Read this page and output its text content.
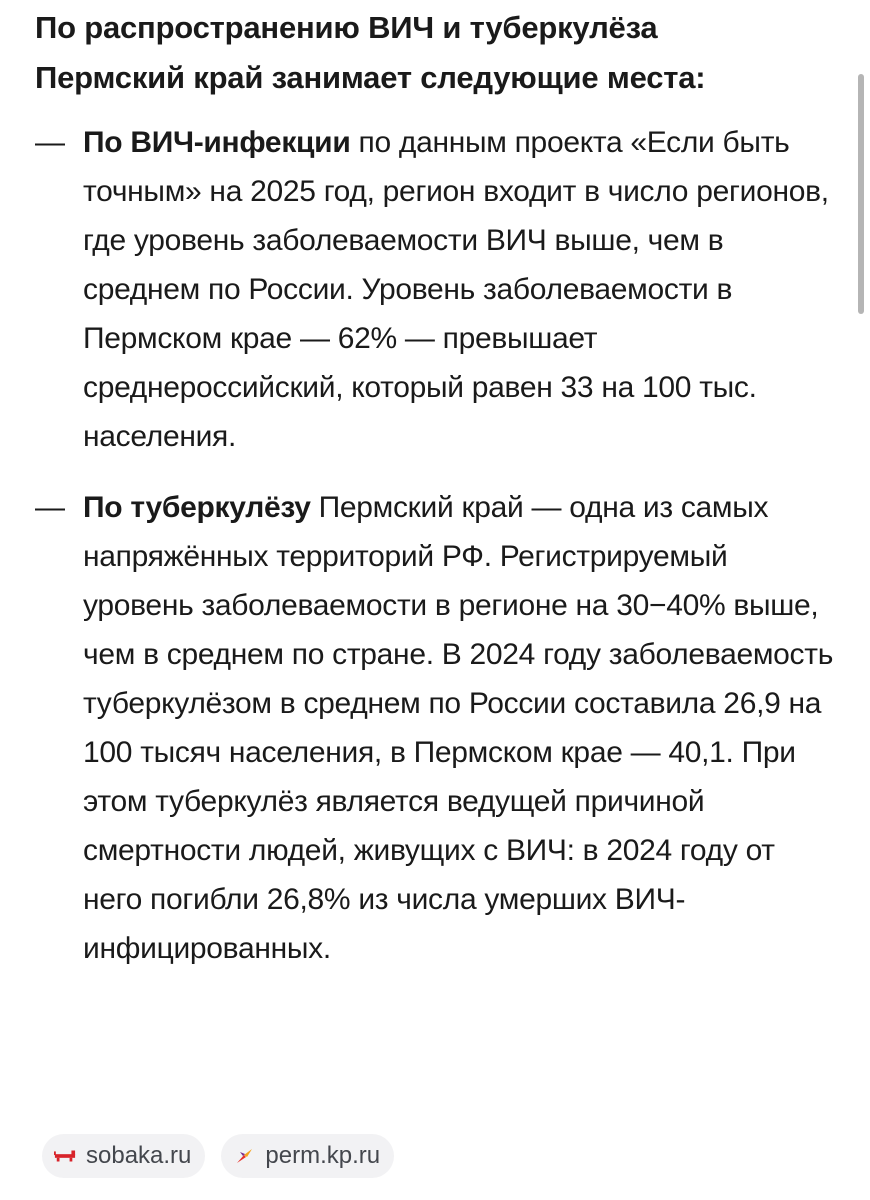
По распространению ВИЧ и туберкулёза
Пермский край занимает следующие места:
— По ВИЧ-инфекции по данным проекта «Если быть точным» на 2025 год, регион входит в число регионов, где уровень заболеваемости ВИЧ выше, чем в среднем по России. Уровень заболеваемости в Пермском крае — 62% — превышает среднероссийский, который равен 33 на 100 тыс. населения.
— По туберкулёзу Пермский край — одна из самых напряжённых территорий РФ. Регистрируемый уровень заболеваемости в регионе на 30−40% выше, чем в среднем по стране. В 2024 году заболеваемость туберкулёзом в среднем по России составила 26,9 на 100 тысяч населения, в Пермском крае — 40,1. При этом туберкулёз является ведущей причиной смертности людей, живущих с ВИЧ: в 2024 году от него погибли 26,8% из числа умерших ВИЧ-инфицированных.
sobaka.ru	perm.kp.ru
